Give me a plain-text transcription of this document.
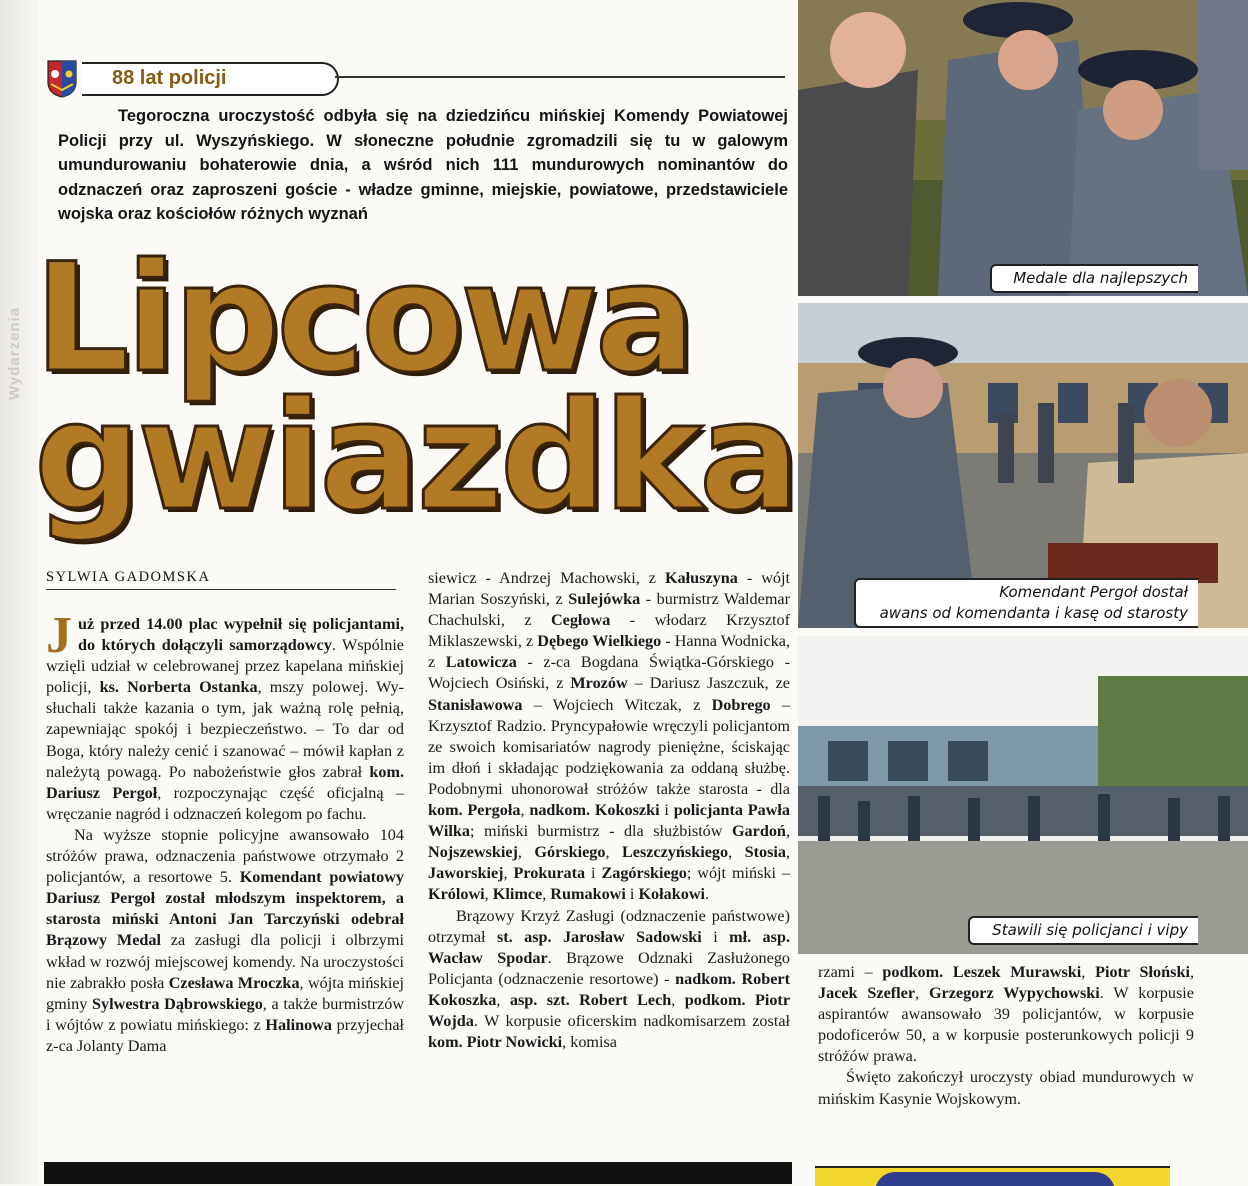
Wydarzenia
88 lat policji

Tegoroczna uroczystość odbyła się na dziedzińcu mińskiej Komendy Powiatowej Policji przy ul. Wyszyńskiego. W słoneczne południe zgromadzili się tu w galowym umundurowaniu bohaterowie dnia, a wśród nich 111 mundurowych nominantów do odznaczeń oraz zaproszeni goście - władze gminne, miejskie, powiatowe, przedstawiciele wojska oraz kościołów różnych wyznań

Lipcowa
gwiazdka
SYLWIA GADOMSKA

Już przed 14.00 plac wypełnił się policjantami, do których dołączyli samorządowcy. Wspólnie wzięli udział w celebrowanej przez kapelana mińskiej policji, ks. Norberta Ostanka, mszy polowej. Wysłuchali także kazania o tym, jak ważną rolę pełnią, zapewniając spokój i bezpieczeństwo. – To dar od Boga, który należy cenić i szanować – mówił kapłan z należytą powagą. Po nabożeństwie głos zabrał kom. Dariusz Pergoł, rozpoczynając część oficjalną – wręczanie nagród i odznaczeń kolegom po fachu.

Na wyższe stopnie policyjne awansowało 104 stróżów prawa, odznaczenia państwowe otrzymało 2 policjantów, a resortowe 5. Komendant powiatowy Dariusz Pergoł został młodszym inspektorem, a starosta miński Antoni Jan Tarczyński odebrał Brązowy Medal za zasługi dla policji i olbrzymi wkład w rozwój miejscowej komendy. Na uroczystości nie zabrakło posła Czesława Mroczka, wójta mińskiej gminy Sylwestra Dąbrowskiego, a także burmistrzów i wójtów z powiatu mińskiego: z Halinowa przyjechał z-ca Jolanty Dama

siewicz - Andrzej Machowski, z Kałuszyna - wójt Marian Soszyński, z Sulejówka - burmistrz Waldemar Chachulski, z Cegłowa - włodarz Krzysztof Miklaszewski, z Dębego Wielkiego - Hanna Wodnicka, z Latowicza - z-ca Bogdana Świątka-Górskiego - Wojciech Osiński, z Mrozów – Dariusz Jaszczuk, ze Stanisławowa – Wojciech Witczak, z Dobrego – Krzysztof Radzio. Pryncypałowie wręczyli policjantom ze swoich komisariatów nagrody pieniężne, ściskając im dłoń i składając podziękowania za oddaną służbę. Podobnymi uhonorował stróżów także starosta - dla kom. Pergoła, nadkom. Kokoszki i policjanta Pawła Wilka; miński burmistrz - dla służbistów Gardoń, Nojszewskiej, Górskiego, Leszczyńskiego, Stosia, Jaworskiej, Prokurata i Zagórskiego; wójt miński – Królowi, Klimce, Rumakowi i Kołakowi.

Brązowy Krzyż Zasługi (odznaczenie państwowe) otrzymał st. asp. Jarosław Sadowski i mł. asp. Wacław Spodar. Brązowe Odznaki Zasłużonego Policjanta (odznaczenie resortowe) - nadkom. Robert Kokoszka, asp. szt. Robert Lech, podkom. Piotr Wojda. W korpusie oficerskim nadkomisarzem został kom. Piotr Nowicki, komisa

rzami – podkom. Leszek Murawski, Piotr Słoński, Jacek Szefler, Grzegorz Wypychowski. W korpusie aspirantów awansowało 39 policjantów, w korpusie podoficerów 50, a w korpusie posterunkowych policji 9 stróżów prawa.

Święto zakończył uroczysty obiad mundurowych w mińskim Kasynie Wojskowym.

Medale dla najlepszych
Komendant Pergoł dostał
awans od komendanta i kasę od starosty
Stawili się policjanci i vipy
